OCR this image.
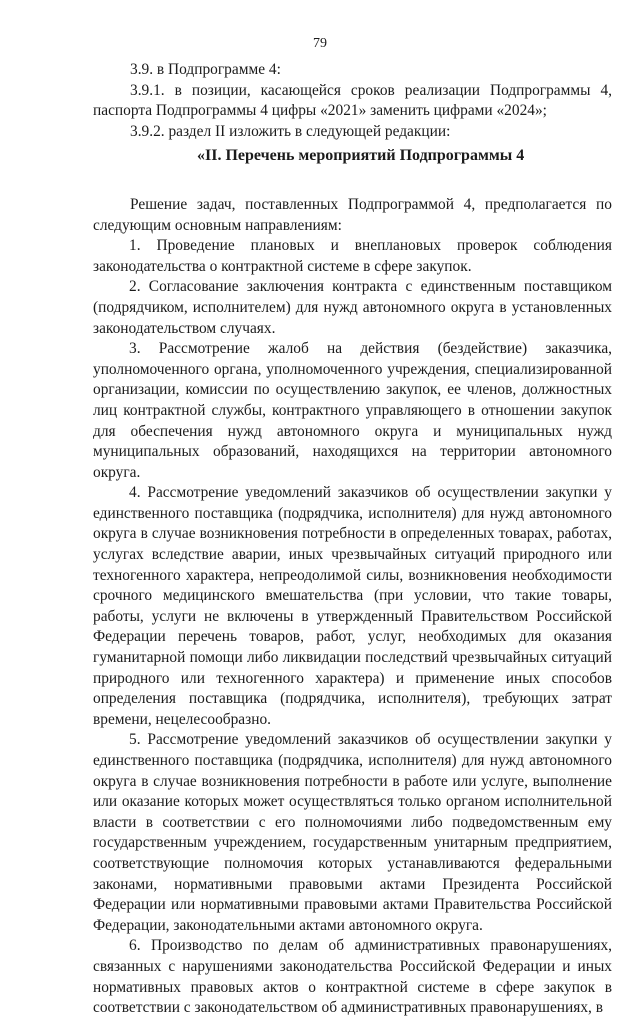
79

3.9. в Подпрограмме 4:

3.9.1. в позиции, касающейся сроков реализации Подпрограммы 4, паспорта Подпрограммы 4 цифры «2021» заменить цифрами «2024»;

3.9.2. раздел II изложить в следующей редакции:

«II. Перечень мероприятий Подпрограммы 4

Решение задач, поставленных Подпрограммой 4, предполагается по следующим основным направлениям:

1. Проведение плановых и внеплановых проверок соблюдения законодательства о контрактной системе в сфере закупок.

2. Согласование заключения контракта с единственным поставщиком (подрядчиком, исполнителем) для нужд автономного округа в установленных законодательством случаях.

3. Рассмотрение жалоб на действия (бездействие) заказчика, уполномоченного органа, уполномоченного учреждения, специализированной организации, комиссии по осуществлению закупок, ее членов, должностных лиц контрактной службы, контрактного управляющего в отношении закупок для обеспечения нужд автономного округа и муниципальных нужд муниципальных образований, находящихся на территории автономного округа.

4. Рассмотрение уведомлений заказчиков об осуществлении закупки у единственного поставщика (подрядчика, исполнителя) для нужд автономного округа в случае возникновения потребности в определенных товарах, работах, услугах вследствие аварии, иных чрезвычайных ситуаций природного или техногенного характера, непреодолимой силы, возникновения необходимости срочного медицинского вмешательства (при условии, что такие товары, работы, услуги не включены в утвержденный Правительством Российской Федерации перечень товаров, работ, услуг, необходимых для оказания гуманитарной помощи либо ликвидации последствий чрезвычайных ситуаций природного или техногенного характера) и применение иных способов определения поставщика (подрядчика, исполнителя), требующих затрат времени, нецелесообразно.

5. Рассмотрение уведомлений заказчиков об осуществлении закупки у единственного поставщика (подрядчика, исполнителя) для нужд автономного округа в случае возникновения потребности в работе или услуге, выполнение или оказание которых может осуществляться только органом исполнительной власти в соответствии с его полномочиями либо подведомственным ему государственным учреждением, государственным унитарным предприятием, соответствующие полномочия которых устанавливаются федеральными законами, нормативными правовыми актами Президента Российской Федерации или нормативными правовыми актами Правительства Российской Федерации, законодательными актами автономного округа.

6. Производство по делам об административных правонарушениях, связанных с нарушениями законодательства Российской Федерации и иных нормативных правовых актов о контрактной системе в сфере закупок в соответствии с законодательством об административных правонарушениях, в
